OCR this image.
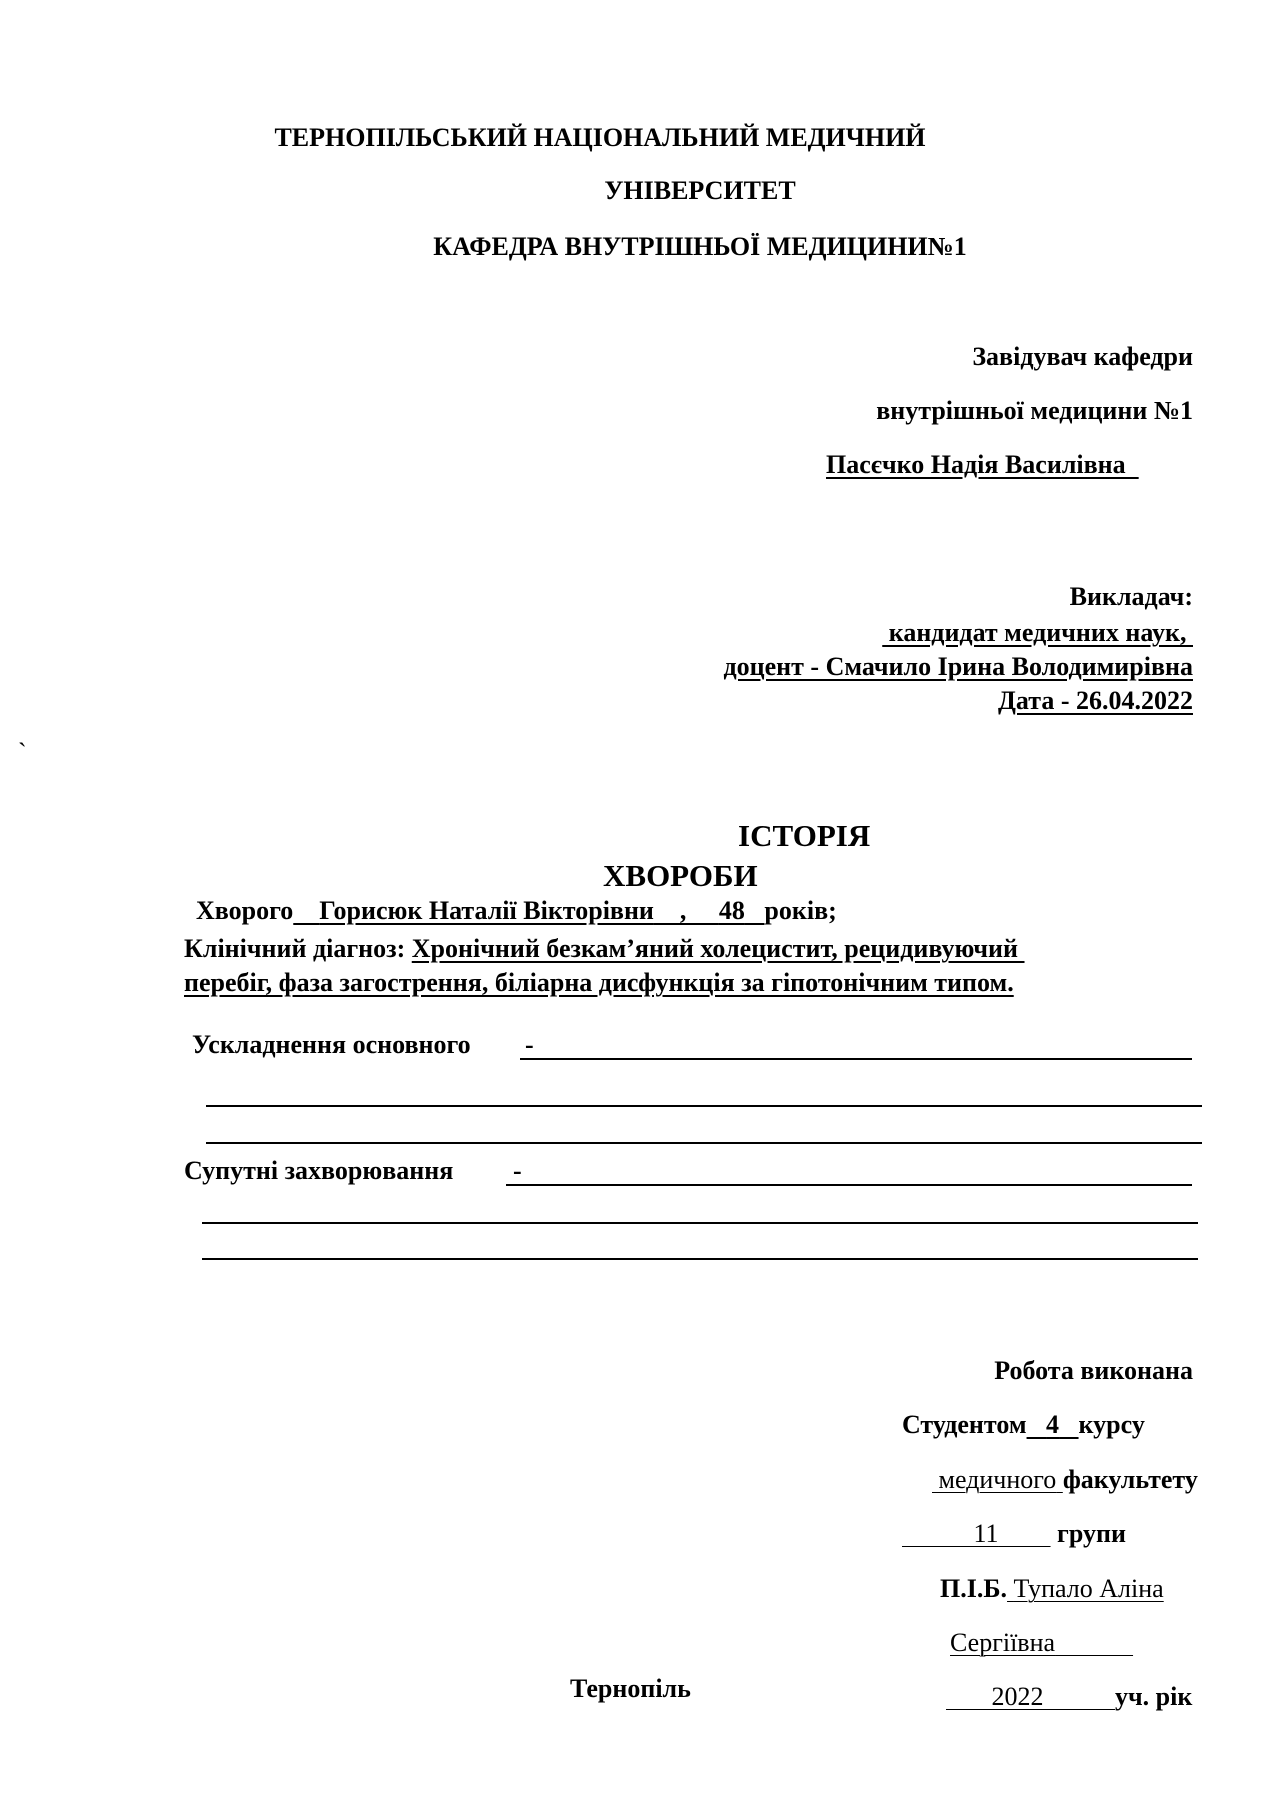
ТЕРНОПІЛЬСЬКИЙ НАЦІОНАЛЬНИЙ МЕДИЧНИЙ
УНІВЕРСИТЕТ
КАФЕДРА ВНУТРІШНЬОЇ МЕДИЦИНИ№1
Завідувач кафедри
внутрішньої медицини №1
Пасєчко Надія Василівна
Викладач:
кандидат медичних наук,
доцент - Смачило Ірина Володимирівна
Дата - 26.04.2022
`
ІСТОРІЯ
ХВОРОБИ
Хворого Горисюк Наталії Вікторівни    ,     48 років;
Клінічний діагноз: Хронічний безкам’яний холецистит, рецидивуючий
перебіг, фаза загострення, біліарна дисфункція за гіпотонічним типом.
Ускладнення основного -
Супутні захворювання -
Робота виконана
Студентом 4 курсу
медичного факультету
11 групи
П.І.Б. Тупало Аліна
Сергіївна
2022	уч. рік
Тернопіль
